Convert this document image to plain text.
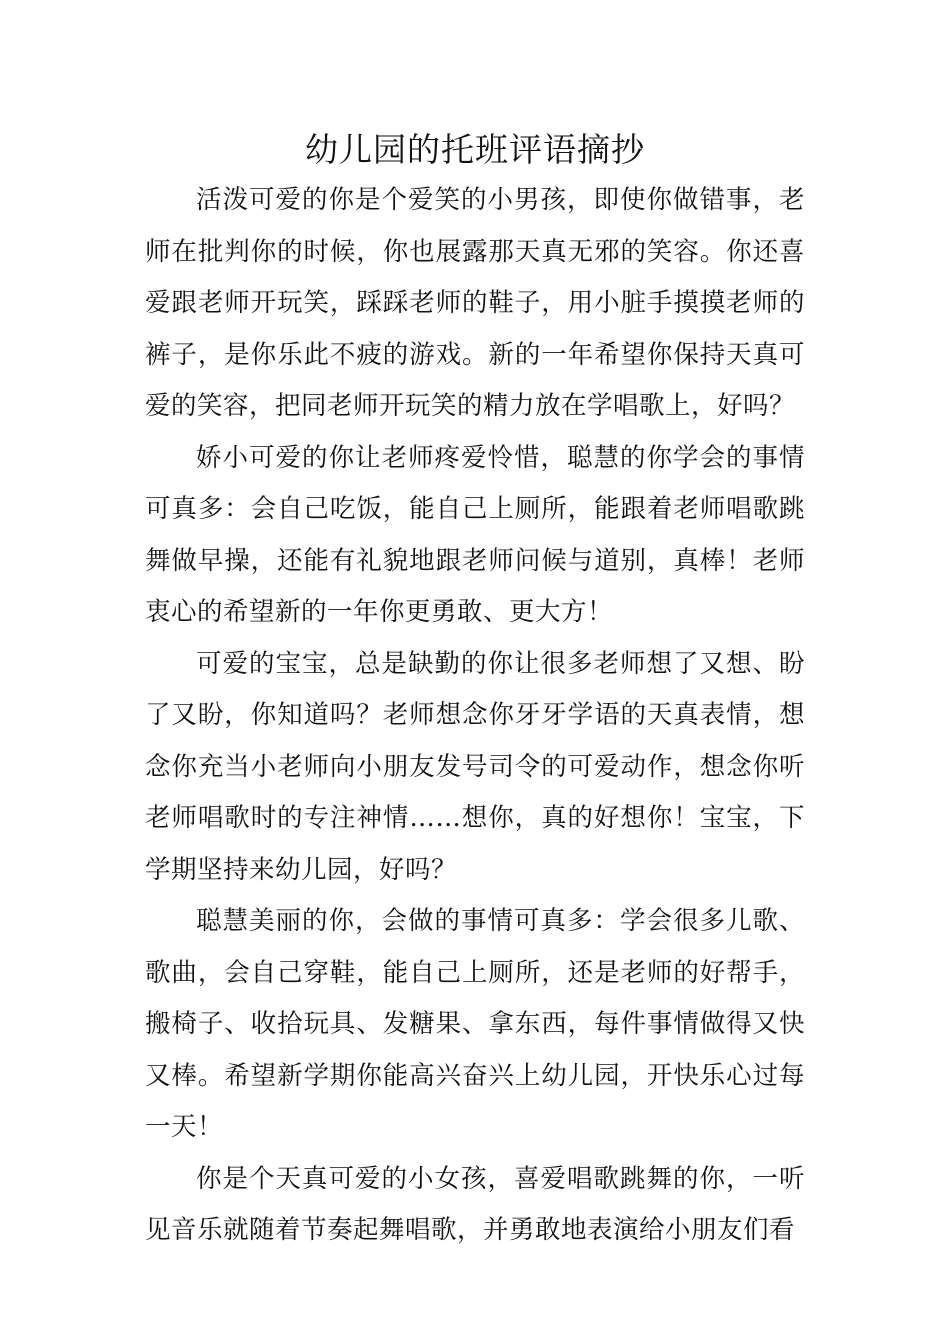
幼儿园的托班评语摘抄

活泼可爱的你是个爱笑的小男孩，即使你做错事，老师在批判你的时候，你也展露那天真无邪的笑容。你还喜爱跟老师开玩笑，踩踩老师的鞋子，用小脏手摸摸老师的裤子，是你乐此不疲的游戏。新的一年希望你保持天真可爱的笑容，把同老师开玩笑的精力放在学唱歌上，好吗？

娇小可爱的你让老师疼爱怜惜，聪慧的你学会的事情可真多：会自己吃饭，能自己上厕所，能跟着老师唱歌跳舞做早操，还能有礼貌地跟老师问候与道别，真棒！老师衷心的希望新的一年你更勇敢、更大方！

可爱的宝宝，总是缺勤的你让很多老师想了又想、盼了又盼，你知道吗？老师想念你牙牙学语的天真表情，想念你充当小老师向小朋友发号司令的可爱动作，想念你听老师唱歌时的专注神情……想你，真的好想你！宝宝，下学期坚持来幼儿园，好吗？

聪慧美丽的你，会做的事情可真多：学会很多儿歌、歌曲，会自己穿鞋，能自己上厕所，还是老师的好帮手，搬椅子、收拾玩具、发糖果、拿东西，每件事情做得又快又棒。希望新学期你能高兴奋兴上幼儿园，开快乐心过每一天！

你是个天真可爱的小女孩，喜爱唱歌跳舞的你，一听见音乐就随着节奏起舞唱歌，并勇敢地表演给小朋友们看
